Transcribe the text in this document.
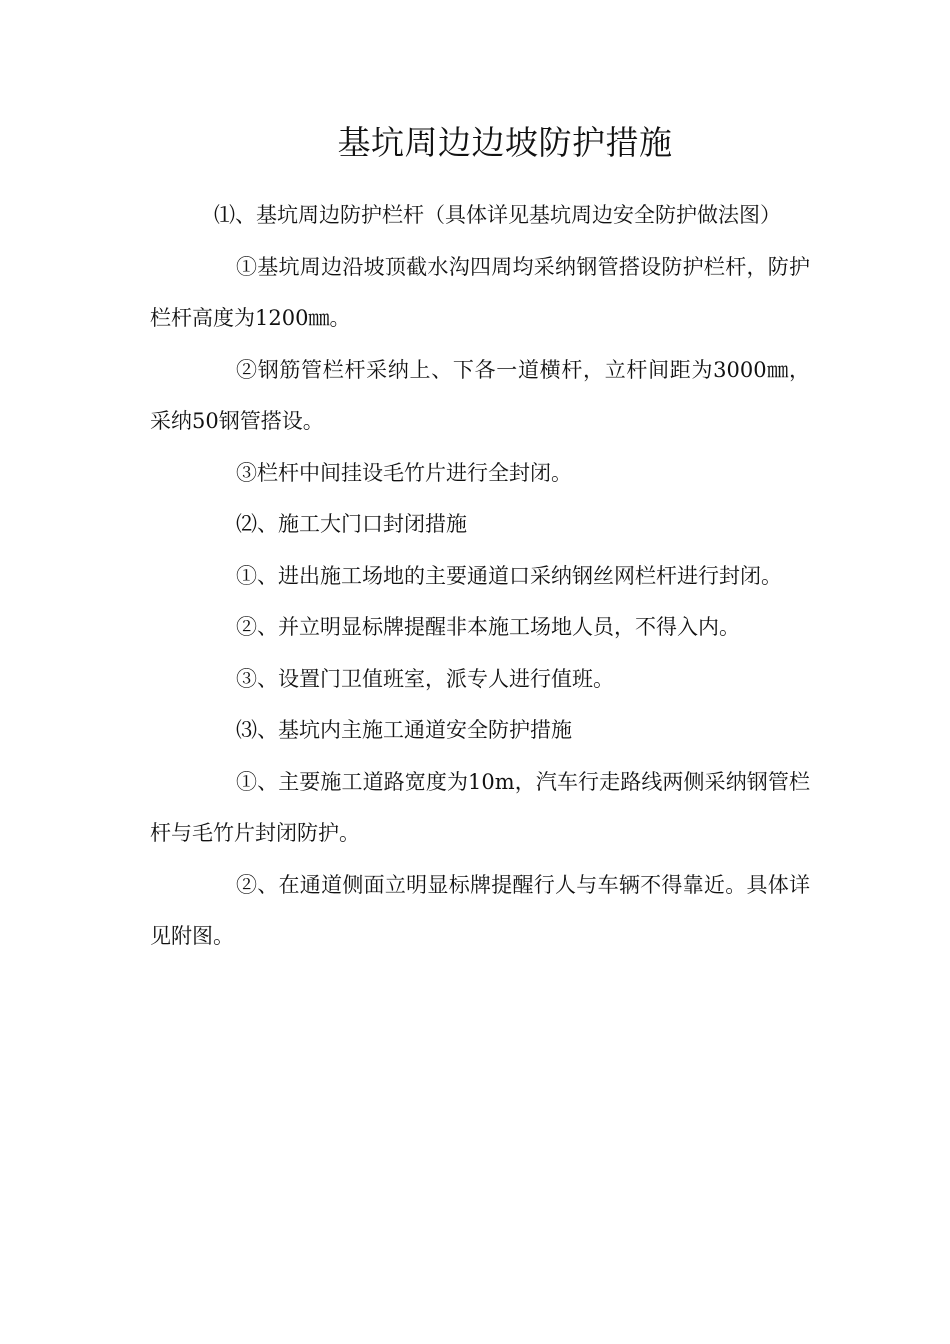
基坑周边边坡防护措施

⑴、基坑周边防护栏杆（具体详见基坑周边安全防护做法图）

①基坑周边沿坡顶截水沟四周均采纳钢管搭设防护栏杆，防护栏杆高度为1200㎜。

②钢筋管栏杆采纳上、下各一道横杆，立杆间距为3000㎜，采纳50钢管搭设。

③栏杆中间挂设毛竹片进行全封闭。

⑵、施工大门口封闭措施

①、进出施工场地的主要通道口采纳钢丝网栏杆进行封闭。

②、并立明显标牌提醒非本施工场地人员，不得入内。

③、设置门卫值班室，派专人进行值班。

⑶、基坑内主施工通道安全防护措施

①、主要施工道路宽度为10m，汽车行走路线两侧采纳钢管栏杆与毛竹片封闭防护。

②、在通道侧面立明显标牌提醒行人与车辆不得靠近。具体详见附图。
